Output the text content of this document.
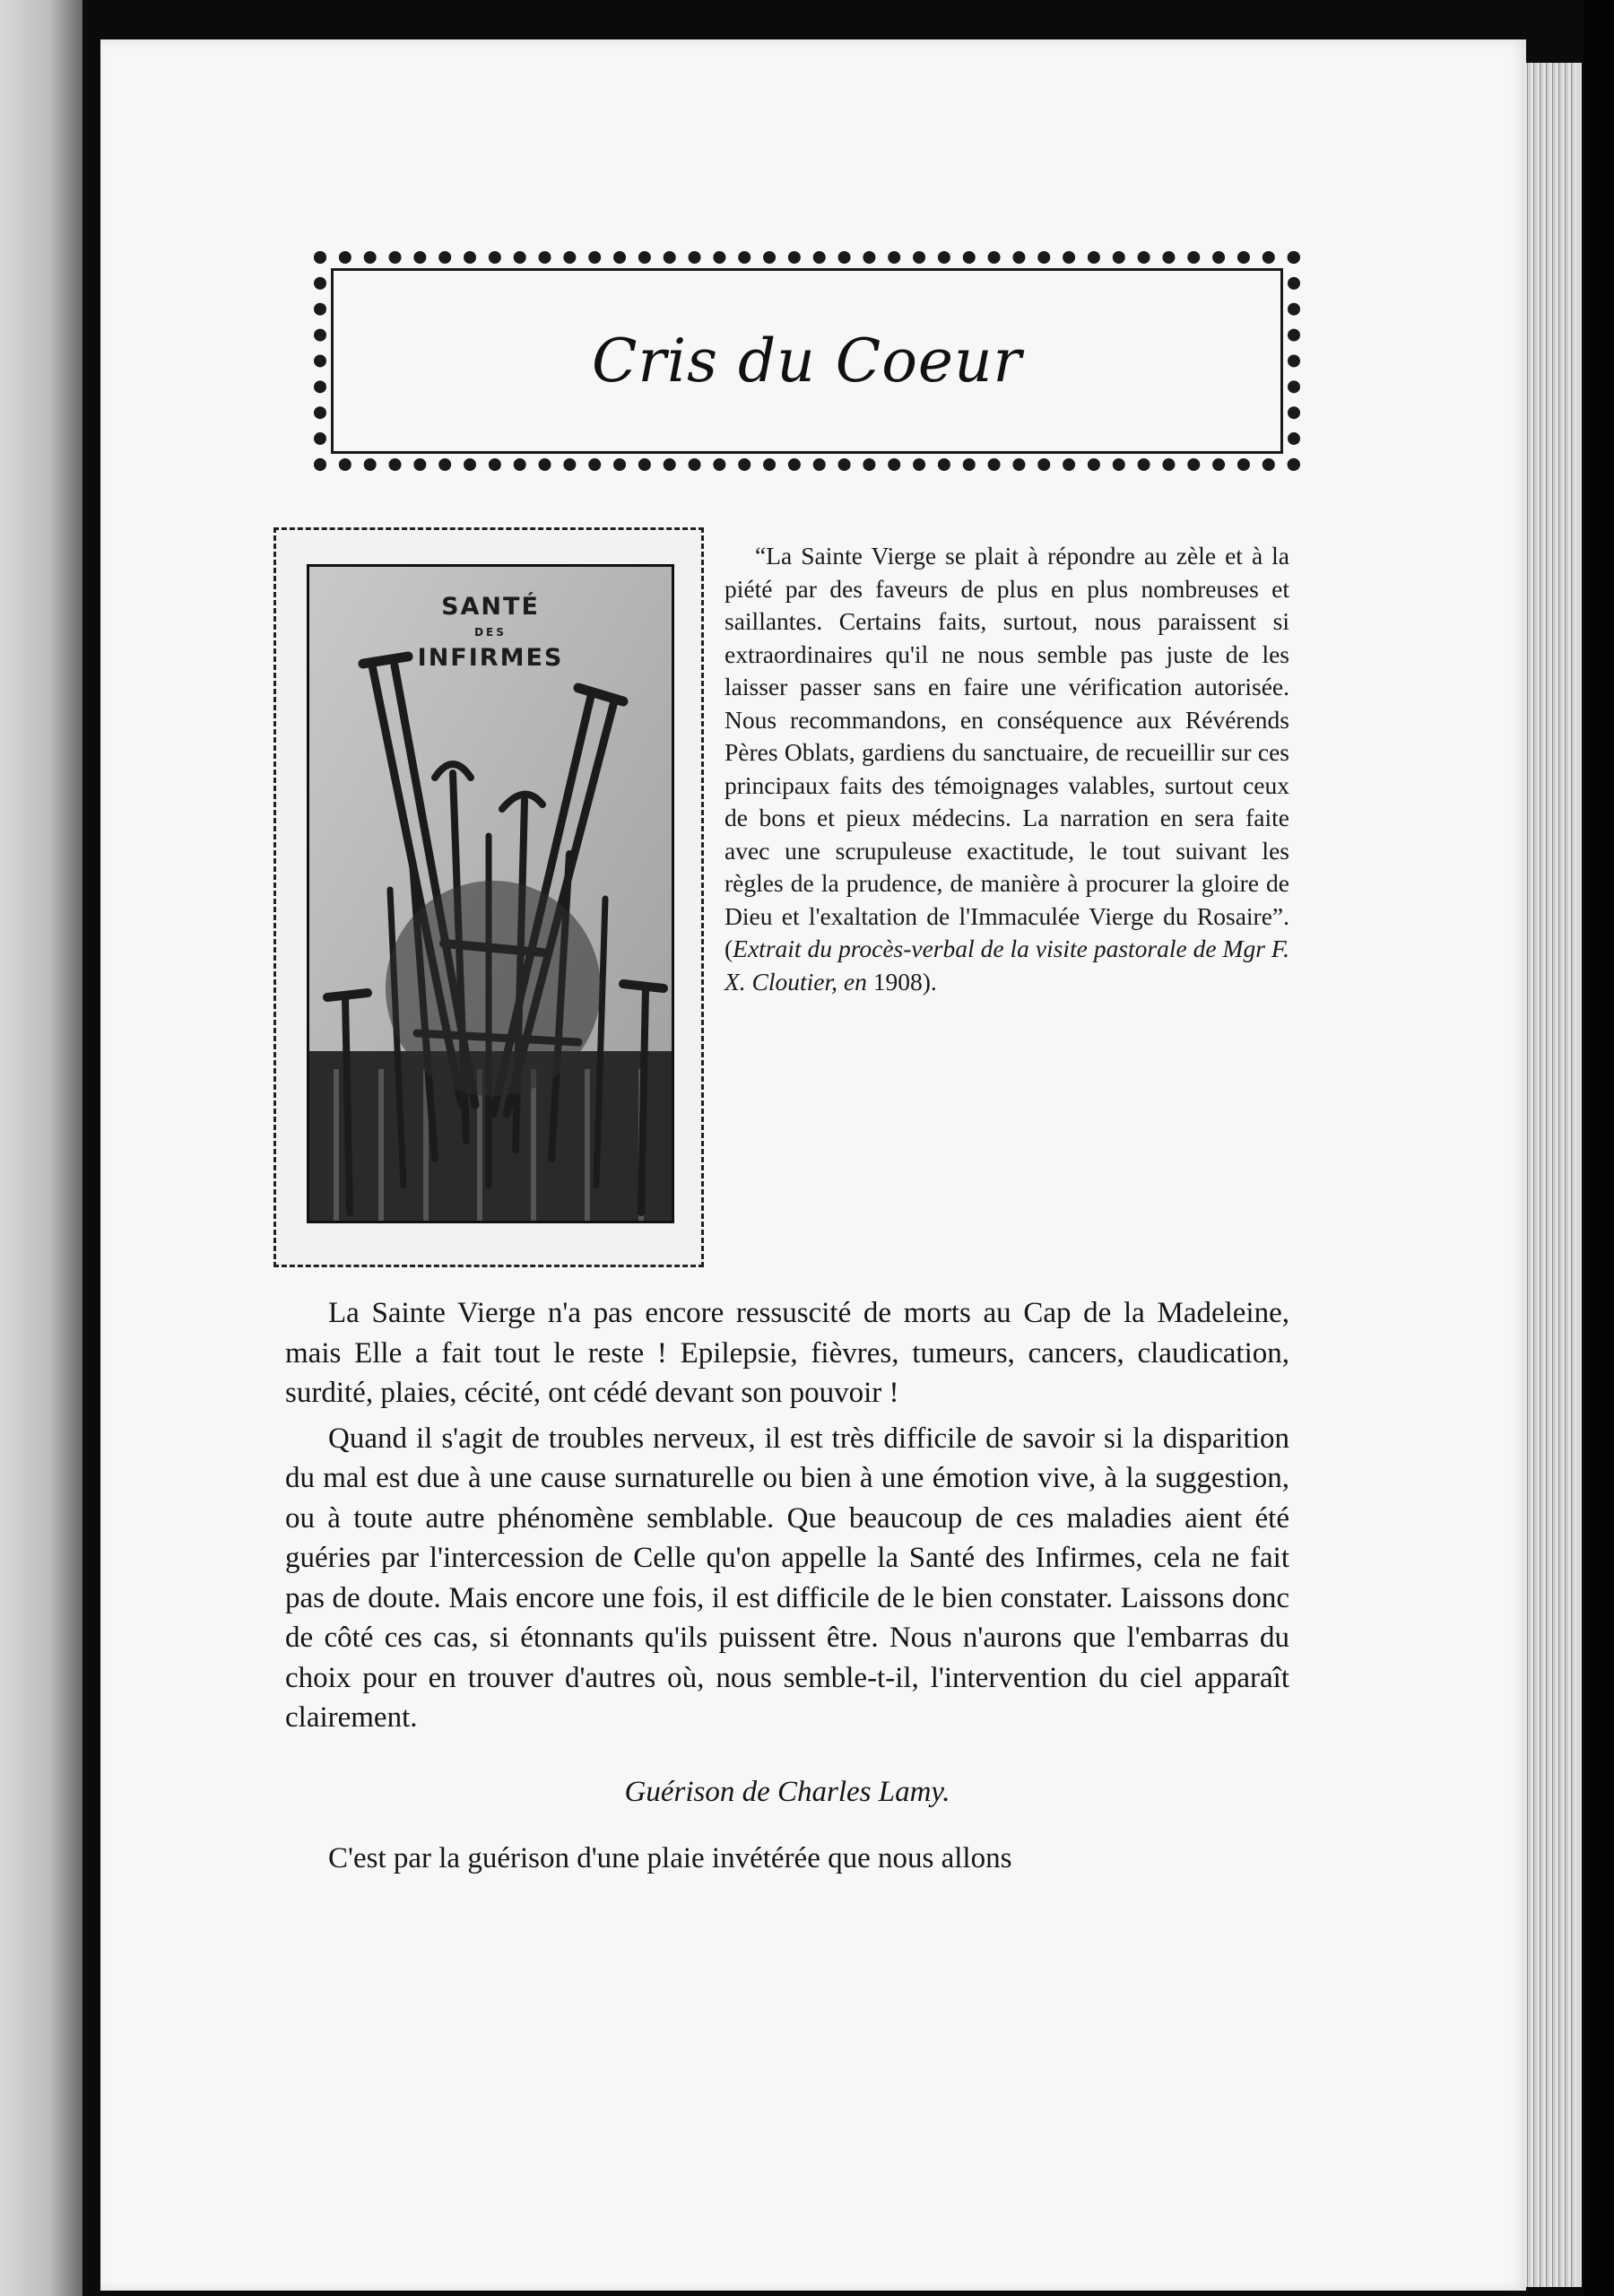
Cris du Coeur
SANTÉ
DES
INFIRMES

“La Sainte Vierge se plait à répondre au zèle et à la piété par des faveurs de plus en plus nombreuses et saillantes. Certains faits, surtout, nous paraissent si extraordinaires qu'il ne nous semble pas juste de les laisser passer sans en faire une vérification autorisée. Nous recommandons, en conséquence aux Révérends Pères Oblats, gardiens du sanctuaire, de recueillir sur ces principaux faits des témoignages valables, surtout ceux de bons et pieux médecins. La narration en sera faite avec une scrupuleuse exactitude, le tout suivant les règles de la prudence, de manière à procurer la gloire de Dieu et l'exaltation de l'Immaculée Vierge du Rosaire”. (Extrait du procès-verbal de la visite pastorale de Mgr F. X. Cloutier, en 1908).

La Sainte Vierge n'a pas encore ressuscité de morts au Cap de la Madeleine, mais Elle a fait tout le reste ! Epilepsie, fièvres, tumeurs, cancers, claudication, surdité, plaies, cécité, ont cédé devant son pouvoir !

Quand il s'agit de troubles nerveux, il est très difficile de savoir si la disparition du mal est due à une cause surnaturelle ou bien à une émotion vive, à la suggestion, ou à toute autre phénomène semblable. Que beaucoup de ces maladies aient été guéries par l'intercession de Celle qu'on appelle la Santé des Infirmes, cela ne fait pas de doute. Mais encore une fois, il est difficile de le bien constater. Laissons donc de côté ces cas, si étonnants qu'ils puissent être. Nous n'aurons que l'embarras du choix pour en trouver d'autres où, nous semble-t-il, l'intervention du ciel apparaît clairement.

Guérison de Charles Lamy.

C'est par la guérison d'une plaie invétérée que nous allons
